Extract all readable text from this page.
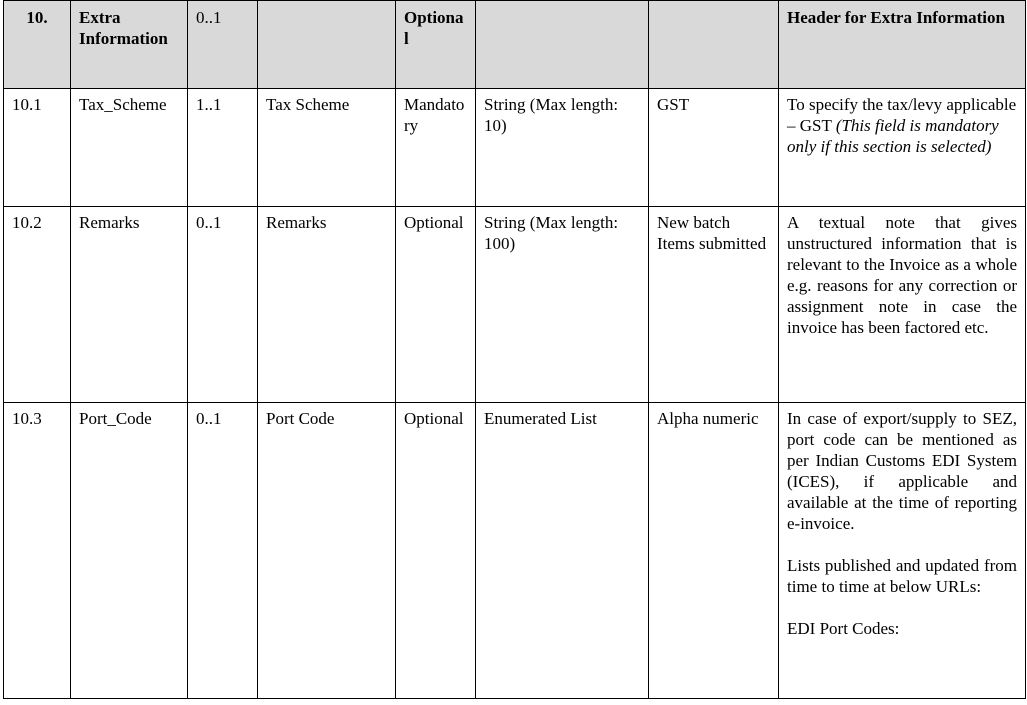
10.	Extra Information	0..1		Optional			Header for Extra Information
10.1	Tax_Scheme	1..1	Tax Scheme	Mandatory	String (Max length: 10)	GST	To specify the tax/levy applicable – GST (This field is mandatory only if this section is selected)
10.2	Remarks	0..1	Remarks	Optional	String (Max length: 100)	New batch Items submitted	A textual note that gives unstructured information that is relevant to the Invoice as a whole e.g. reasons for any correction or assignment note in case the invoice has been factored etc.
10.3	Port_Code	0..1	Port Code	Optional	Enumerated List	Alpha numeric	In case of export/supply to SEZ, port code can be mentioned as per Indian Customs EDI System (ICES), if applicable and available at the time of reporting e-invoice.
Lists published and updated from time to time at below URLs:
EDI Port Codes:
